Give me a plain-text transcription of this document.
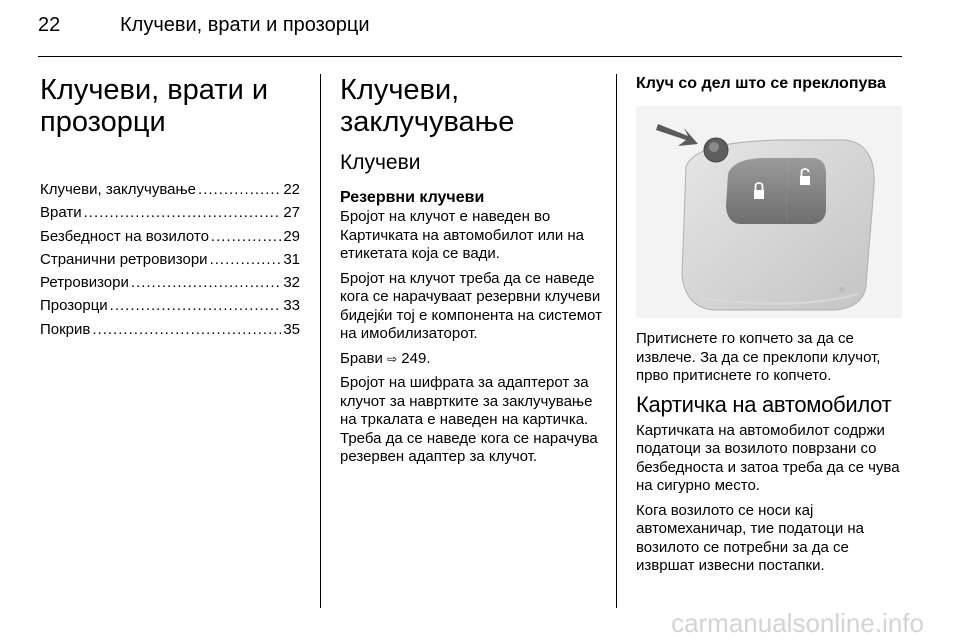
22	Клучеви, врати и прозорци
Клучеви, врати и прозорци
Клучеви, заклучување .....	22
Врати .....	27
Безбедност на возилото .....	29
Странични ретровизори .....	31
Ретровизори .....	32
Прозорци .....	33
Покрив .....	35
Клучеви, заклучување
Клучеви
Резервни клучеви

Бројот на клучот е наведен во Картичката на автомобилот или на етикетата која се вади.

Бројот на клучот треба да се наведе кога се нарачуваат резервни клучеви бидејќи тој е компонента на системот на имобилизаторот.

Брави ⇨ 249.

Бројот на шифрата за адаптерот за клучот за навртките за заклучување на тркалата е наведен на картичка. Треба да се наведе кога се нарачува резервен адаптер за клучот.

Клуч со дел што се преклопува

Притиснете го копчето за да се извлече. За да се преклопи клучот, прво притиснете го копчето.

Картичка на автомобилот

Картичката на автомобилот содржи податоци за возилото поврзани со безбедноста и затоа треба да се чува на сигурно место.

Кога возилото се носи кај автомеханичар, тие податоци на возилото се потребни за да се извршат извесни постапки.

carmanualsonline.info
